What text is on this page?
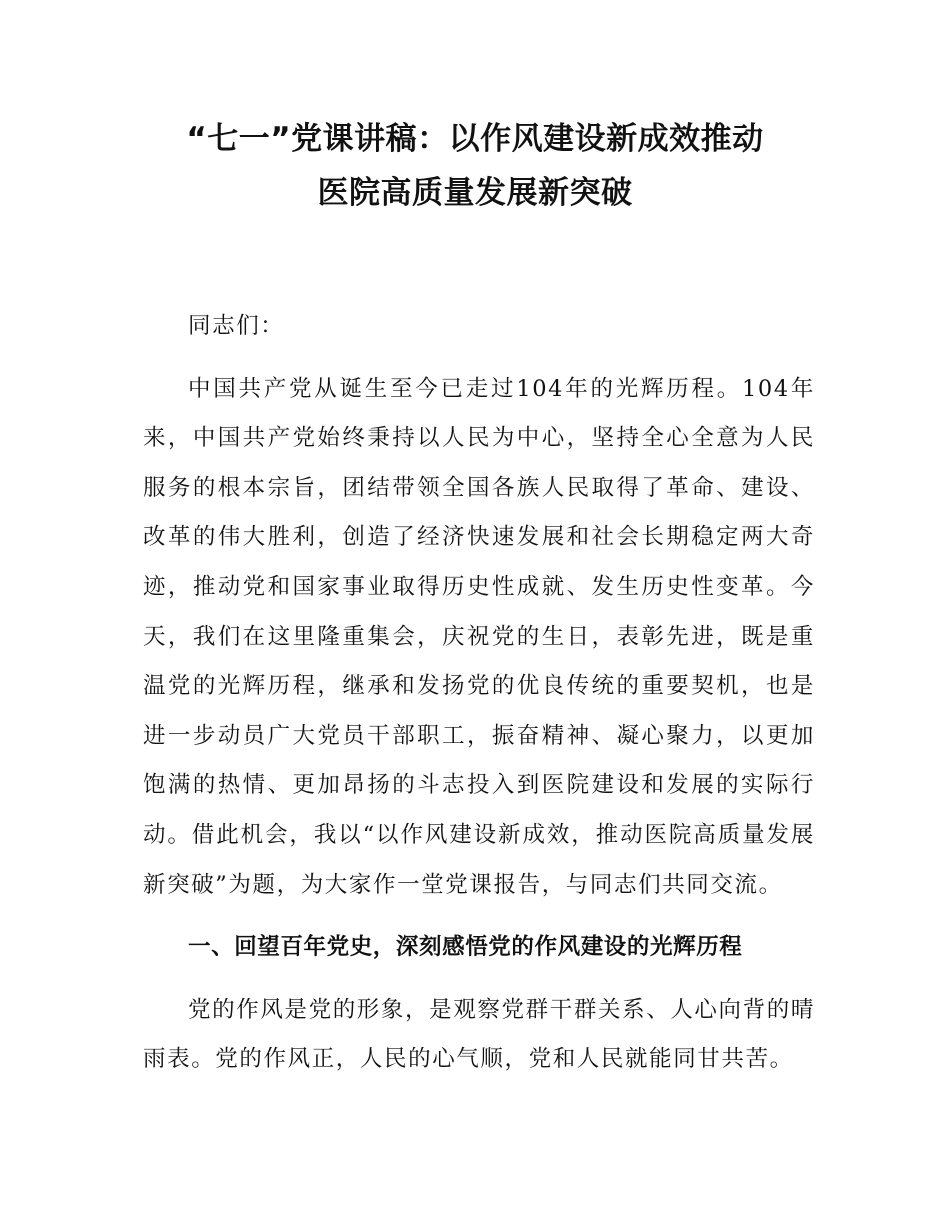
“七一”党课讲稿：以作风建设新成效推动
医院高质量发展新突破

同志们：

中国共产党从诞生至今已走过104年的光辉历程。104年来，中国共产党始终秉持以人民为中心，坚持全心全意为人民服务的根本宗旨，团结带领全国各族人民取得了革命、建设、改革的伟大胜利，创造了经济快速发展和社会长期稳定两大奇迹，推动党和国家事业取得历史性成就、发生历史性变革。今天，我们在这里隆重集会，庆祝党的生日，表彰先进，既是重温党的光辉历程，继承和发扬党的优良传统的重要契机，也是进一步动员广大党员干部职工，振奋精神、凝心聚力，以更加饱满的热情、更加昂扬的斗志投入到医院建设和发展的实际行动。借此机会，我以“以作风建设新成效，推动医院高质量发展新突破”为题，为大家作一堂党课报告，与同志们共同交流。

一、回望百年党史，深刻感悟党的作风建设的光辉历程

党的作风是党的形象，是观察党群干群关系、人心向背的晴雨表。党的作风正，人民的心气顺，党和人民就能同甘共苦。
